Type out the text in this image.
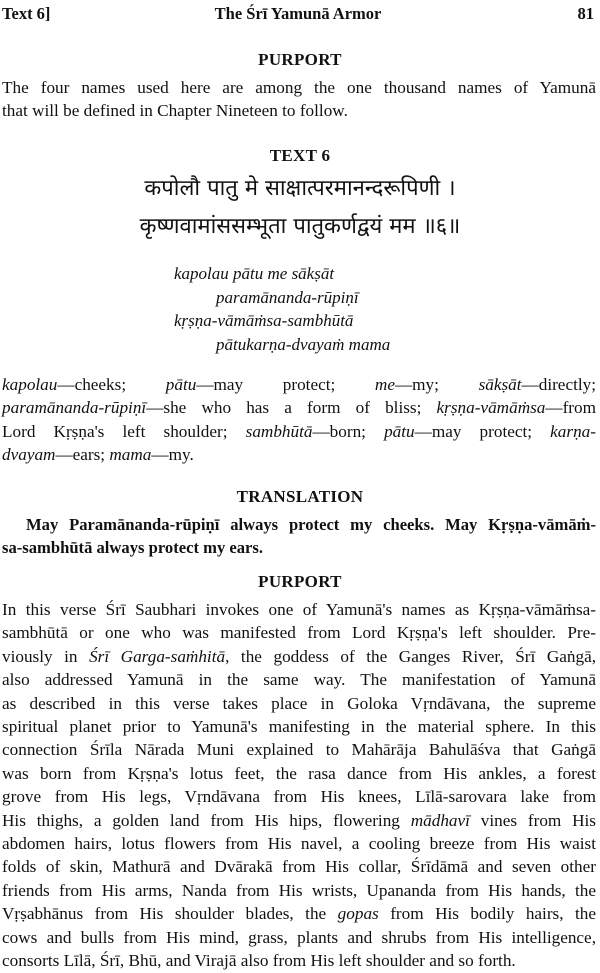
Text 6]	The Śrī Yamunā Armor	81
PURPORT
The four names used here are among the one thousand names of Yamunā
that will be defined in Chapter Nineteen to follow.
TEXT 6
कपोलौ पातु मे साक्षात्परमानन्दरूपिणी ।
कृष्णवामांससम्भूता पातुकर्णद्वयं मम ॥६॥
kapolau pātu me sākṣāt
paramānanda-rūpiṇī
kṛṣṇa-vāmāṁsa-sambhūtā
pātukarṇa-dvayaṁ mama
kapolau—cheeks; pātu—may protect; me—my; sākṣāt—directly;
paramānanda-rūpiṇī—she who has a form of bliss; kṛṣṇa-vāmāṁsa—from
Lord Kṛṣṇa's left shoulder; sambhūtā—born; pātu—may protect; karṇa-
dvayam—ears; mama—my.
TRANSLATION
May Paramānanda-rūpiṇī always protect my cheeks. May Kṛṣṇa-vāmāṁ-
sa-sambhūtā always protect my ears.
PURPORT
In this verse Śrī Saubhari invokes one of Yamunā's names as Kṛṣṇa-vāmāṁsa-
sambhūtā or one who was manifested from Lord Kṛṣṇa's left shoulder. Pre-
viously in Śrī Garga-saṁhitā, the goddess of the Ganges River, Śrī Gaṅgā,
also addressed Yamunā in the same way. The manifestation of Yamunā
as described in this verse takes place in Goloka Vṛndāvana, the supreme
spiritual planet prior to Yamunā's manifesting in the material sphere. In this
connection Śrīla Nārada Muni explained to Mahārāja Bahulāśva that Gaṅgā
was born from Kṛṣṇa's lotus feet, the rasa dance from His ankles, a forest
grove from His legs, Vṛndāvana from His knees, Līlā-sarovara lake from
His thighs, a golden land from His hips, flowering mādhavī vines from His
abdomen hairs, lotus flowers from His navel, a cooling breeze from His waist
folds of skin, Mathurā and Dvārakā from His collar, Śrīdāmā and seven other
friends from His arms, Nanda from His wrists, Upananda from His hands, the
Vṛṣabhānus from His shoulder blades, the gopas from His bodily hairs, the
cows and bulls from His mind, grass, plants and shrubs from His intelligence,
consorts Līlā, Śrī, Bhū, and Virajā also from His left shoulder and so forth.
